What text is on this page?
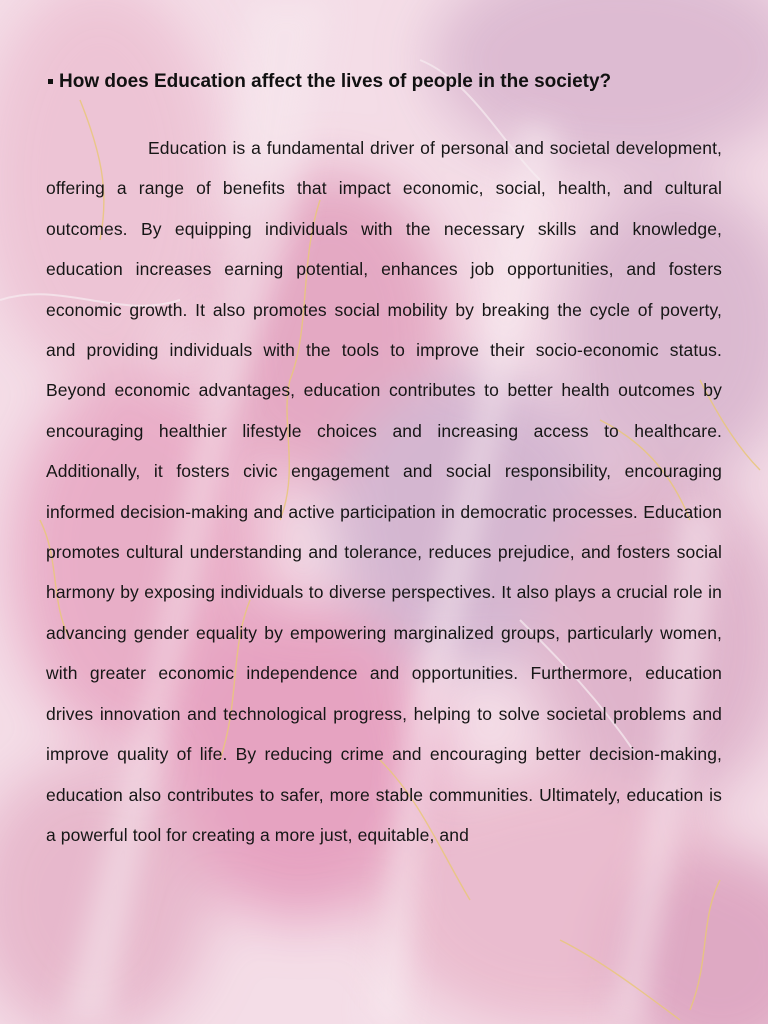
How does Education affect the lives of people in the society?

Education is a fundamental driver of personal and societal development, offering a range of benefits that impact economic, social, health, and cultural outcomes. By equipping individuals with the necessary skills and knowledge, education increases earning potential, enhances job opportunities, and fosters economic growth. It also promotes social mobility by breaking the cycle of poverty, and providing individuals with the tools to improve their socio-economic status. Beyond economic advantages, education contributes to better health outcomes by encouraging healthier lifestyle choices and increasing access to healthcare. Additionally, it fosters civic engagement and social responsibility, encouraging informed decision-making and active participation in democratic processes. Education promotes cultural understanding and tolerance, reduces prejudice, and fosters social harmony by exposing individuals to diverse perspectives. It also plays a crucial role in advancing gender equality by empowering marginalized groups, particularly women, with greater economic independence and opportunities. Furthermore, education drives innovation and technological progress, helping to solve societal problems and improve quality of life. By reducing crime and encouraging better decision-making, education also contributes to safer, more stable communities. Ultimately, education is a powerful tool for creating a more just, equitable, and
